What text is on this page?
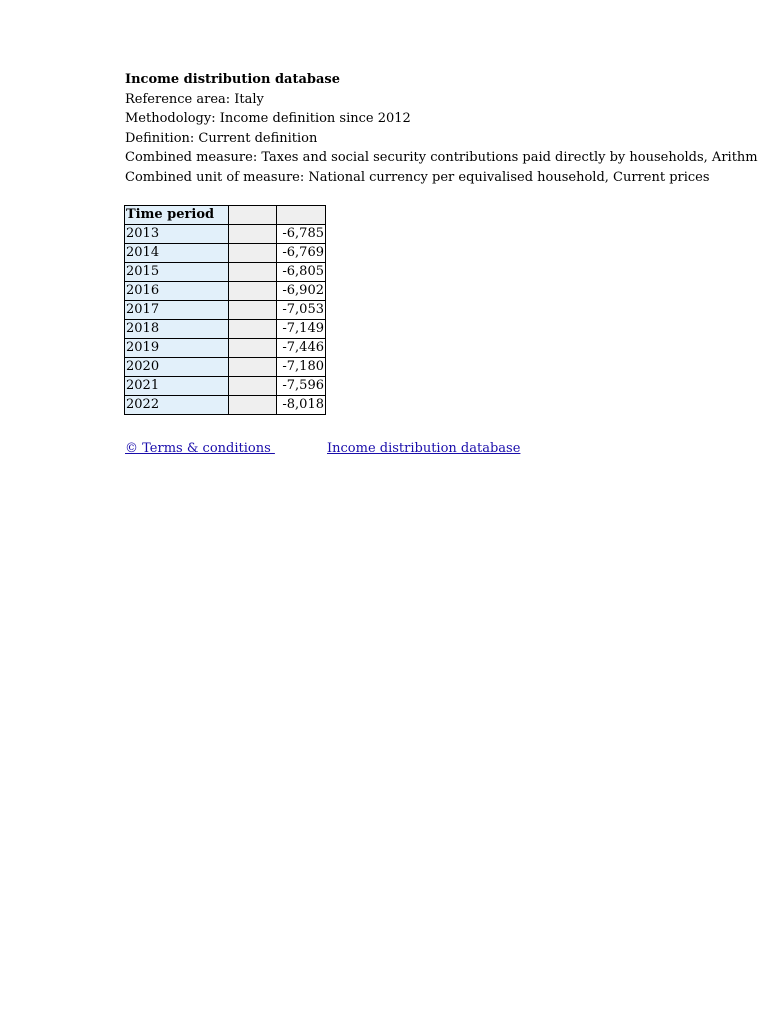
Income distribution database
Reference area: Italy
Methodology: Income definition since 2012
Definition: Current definition
Combined measure: Taxes and social security contributions paid directly by households, Arithm
Combined unit of measure: National currency per equivalised household, Current prices
Time period		
2013		-6,785
2014		-6,769
2015		-6,805
2016		-6,902
2017		-7,053
2018		-7,149
2019		-7,446
2020		-7,180
2021		-7,596
2022		-8,018
© Terms & conditions	Income distribution database
